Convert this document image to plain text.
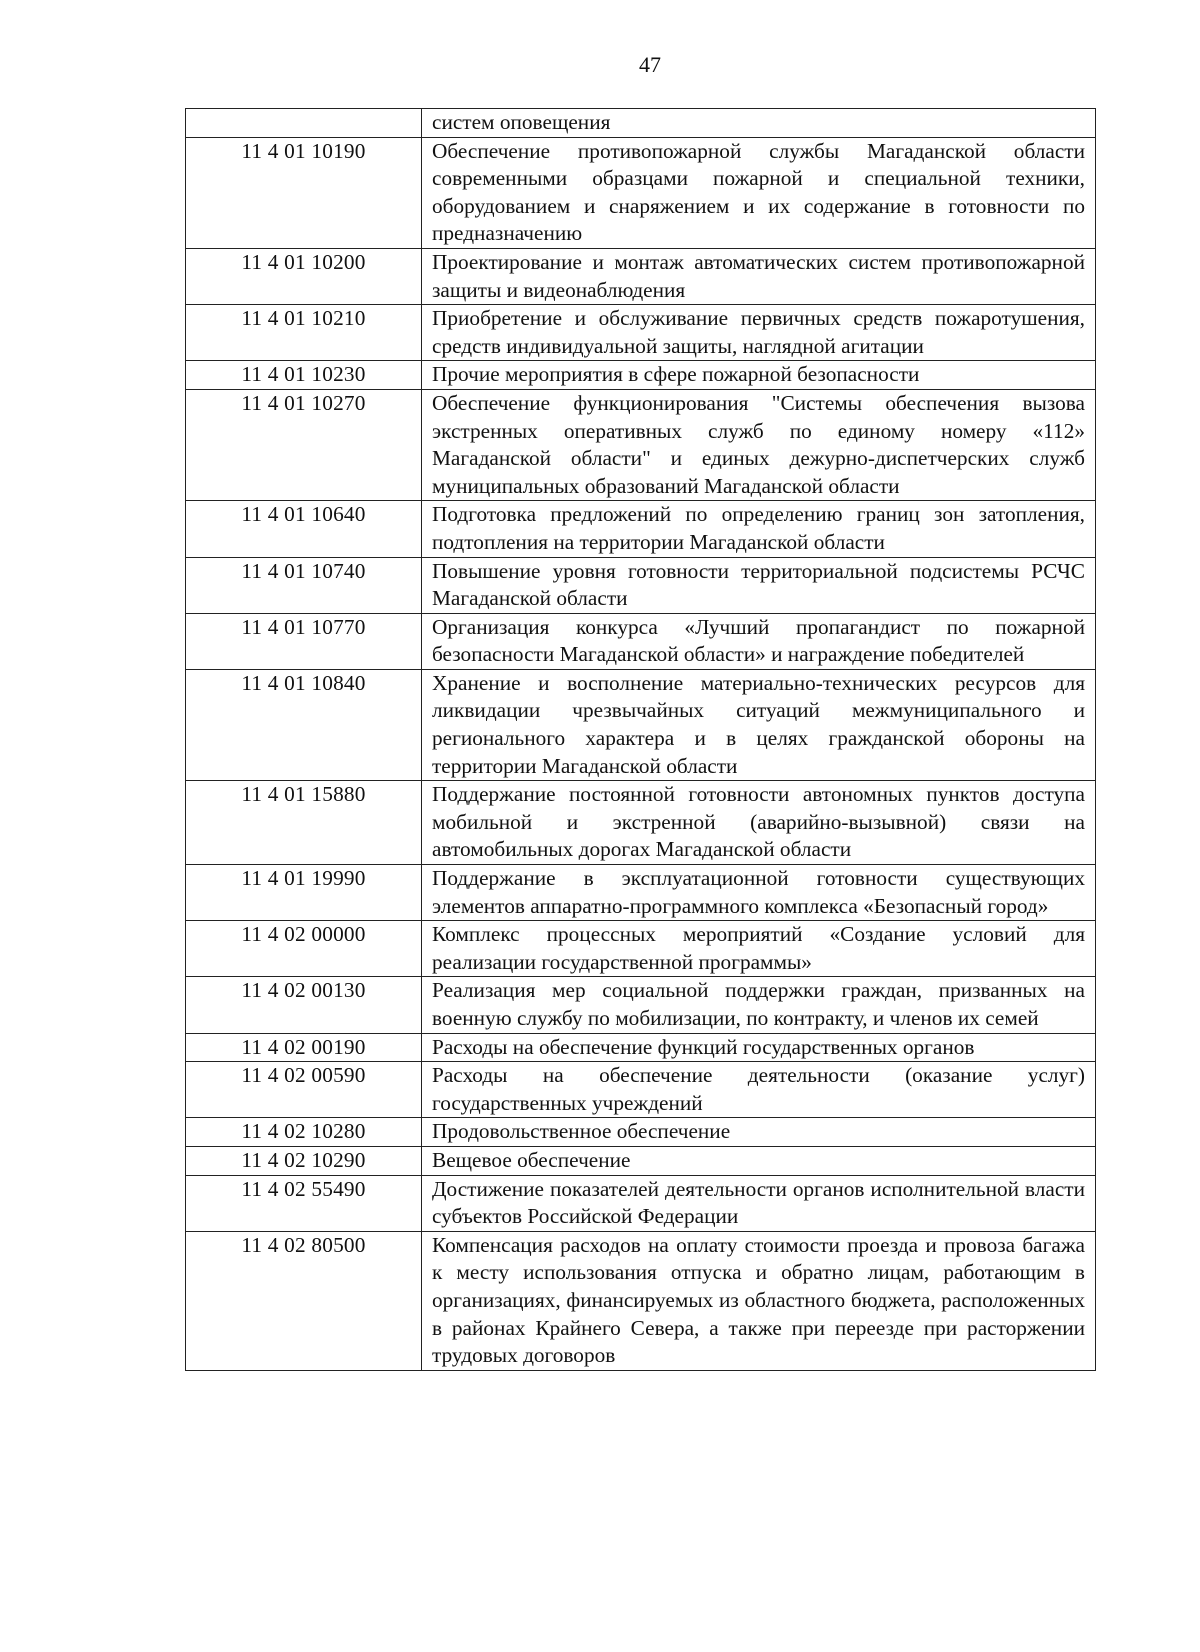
47
	систем оповещения
11 4 01 10190	Обеспечение противопожарной службы Магаданской области современными образцами пожарной и специальной техники, оборудованием и снаряжением и их содержание в готовности по предназначению
11 4 01 10200	Проектирование и монтаж автоматических систем противопожарной защиты и видеонаблюдения
11 4 01 10210	Приобретение и обслуживание первичных средств пожаротушения, средств индивидуальной защиты, наглядной агитации
11 4 01 10230	Прочие мероприятия в сфере пожарной безопасности
11 4 01 10270	Обеспечение функционирования "Системы обеспечения вызова экстренных оперативных служб по единому номеру «112» Магаданской области" и единых дежурно-диспетчерских служб муниципальных образований Магаданской области
11 4 01 10640	Подготовка предложений по определению границ зон затопления, подтопления на территории Магаданской области
11 4 01 10740	Повышение уровня готовности территориальной подсистемы РСЧС Магаданской области
11 4 01 10770	Организация конкурса «Лучший пропагандист по пожарной безопасности Магаданской области» и награждение победителей
11 4 01 10840	Хранение и восполнение материально-технических ресурсов для ликвидации чрезвычайных ситуаций межмуниципального и регионального характера и в целях гражданской обороны на территории Магаданской области
11 4 01 15880	Поддержание постоянной готовности автономных пунктов доступа мобильной и экстренной (аварийно-вызывной) связи на автомобильных дорогах Магаданской области
11 4 01 19990	Поддержание в эксплуатационной готовности существующих элементов аппаратно-программного комплекса «Безопасный город»
11 4 02 00000	Комплекс процессных мероприятий «Создание условий для реализации государственной программы»
11 4 02 00130	Реализация мер социальной поддержки граждан, призванных на военную службу по мобилизации, по контракту, и членов их семей
11 4 02 00190	Расходы на обеспечение функций государственных органов
11 4 02 00590	Расходы на обеспечение деятельности (оказание услуг) государственных учреждений
11 4 02 10280	Продовольственное обеспечение
11 4 02 10290	Вещевое обеспечение
11 4 02 55490	Достижение показателей деятельности органов исполнительной власти субъектов Российской Федерации
11 4 02 80500	Компенсация расходов на оплату стоимости проезда и провоза багажа к месту использования отпуска и обратно лицам, работающим в организациях, финансируемых из областного бюджета, расположенных в районах Крайнего Севера, а также при переезде при расторжении трудовых договоров
